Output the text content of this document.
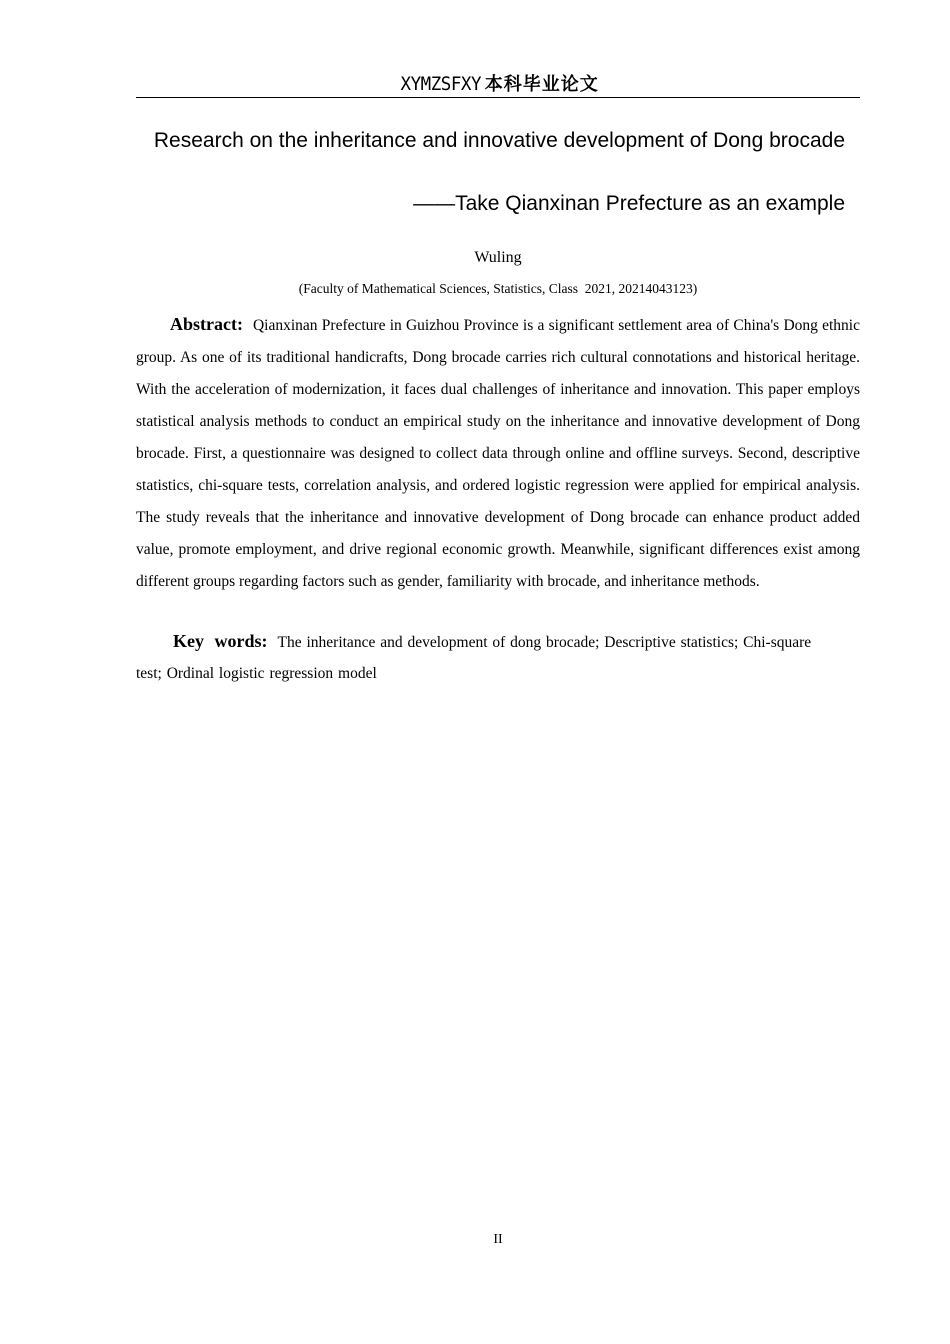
XYMZSFXY 本科毕业论文
Research on the inheritance and innovative development of Dong brocade
——Take Qianxinan Prefecture as an example
Wuling
(Faculty of Mathematical Sciences, Statistics, Class  2021, 20214043123)
Abstract: Qianxinan Prefecture in Guizhou Province is a significant settlement area of China's Dong ethnic group. As one of its traditional handicrafts, Dong brocade carries rich cultural connotations and historical heritage. With the acceleration of modernization, it faces dual challenges of inheritance and innovation. This paper employs statistical analysis methods to conduct an empirical study on the inheritance and innovative development of Dong brocade. First, a questionnaire was designed to collect data through online and offline surveys. Second, descriptive statistics, chi-square tests, correlation analysis, and ordered logistic regression were applied for empirical analysis. The study reveals that the inheritance and innovative development of Dong brocade can enhance product added value, promote employment, and drive regional economic growth. Meanwhile, significant differences exist among different groups regarding factors such as gender, familiarity with brocade, and inheritance methods.
Key words: The inheritance and development of dong brocade; Descriptive statistics; Chi-square test; Ordinal logistic regression model
II
